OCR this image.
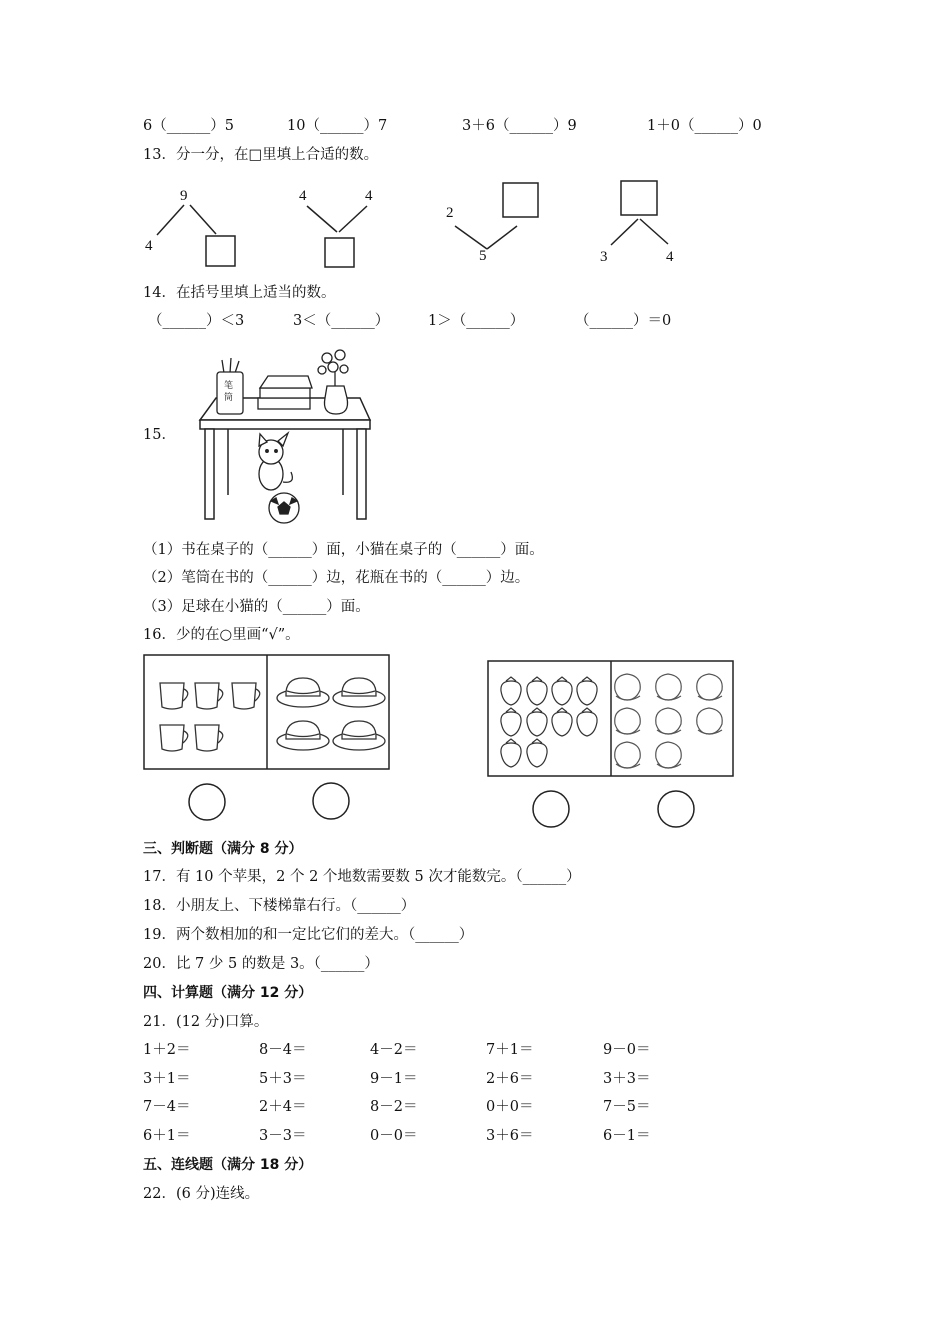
6（______）5	10（______）7	3＋6（______）9	1＋0（______）0
13．分一分，在□里填上合适的数。
9
4
4	4
2
5	3	4
14．在括号里填上适当的数。
（______）＜3	3＜（______）	1＞（______）	（______）＝0
15．
笔筒
（1）书在桌子的（______）面，小猫在桌子的（______）面。
（2）笔筒在书的（______）边，花瓶在书的（______）边。
（3）足球在小猫的（______）面。
16．少的在○里画“√”。
三、判断题（满分 8 分）
17．有 10 个苹果，2 个 2 个地数需要数 5 次才能数完。（______）
18．小朋友上、下楼梯靠右行。（______）
19．两个数相加的和一定比它们的差大。（______）
20．比 7 少 5 的数是 3。（______）
四、计算题（满分 12 分）
21．(12 分)口算。
1＋2＝	8－4＝	4－2＝	7＋1＝	9－0＝
3＋1＝	5＋3＝	9－1＝	2＋6＝	3＋3＝
7－4＝	2＋4＝	8－2＝	0＋0＝	7－5＝
6＋1＝	3－3＝	0－0＝	3＋6＝	6－1＝
五、连线题（满分 18 分）
22．(6 分)连线。
